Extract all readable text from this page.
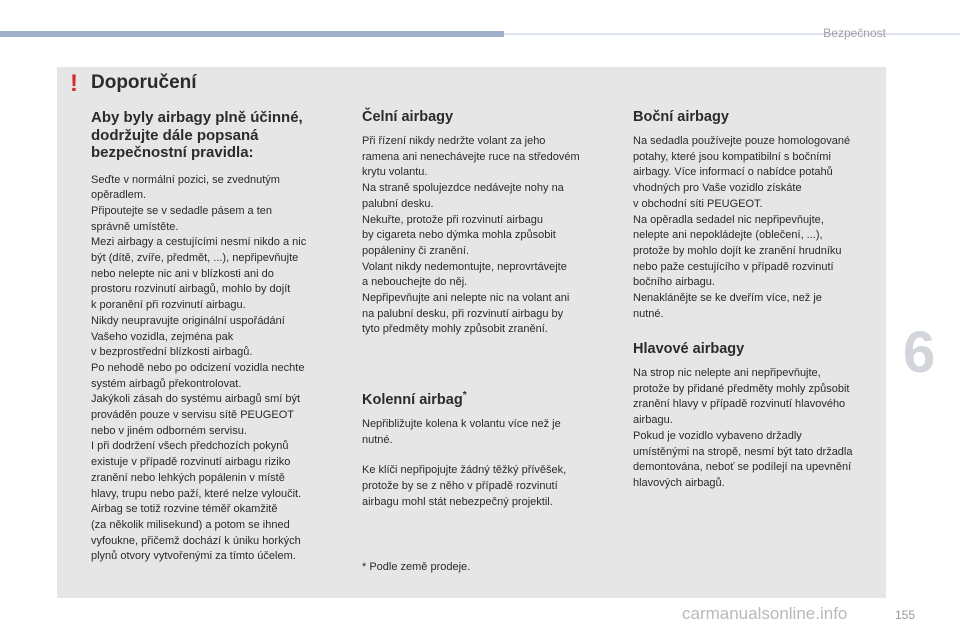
Bezpečnost
6
! Doporučení
Aby byly airbagy plně účinné,
dodržujte dále popsaná
bezpečnostní pravidla:

Seďte v normální pozici, se zvednutým
opěradlem.
Připoutejte se v sedadle pásem a ten
správně umístěte.
Mezi airbagy a cestujícími nesmí nikdo a nic
být (dítě, zvíře, předmět, ...), nepřipevňujte
nebo nelepte nic ani v blízkosti ani do
prostoru rozvinutí airbagů, mohlo by dojít
k poranění při rozvinutí airbagu.
Nikdy neupravujte originální uspořádání
Vašeho vozidla, zejména pak
v bezprostřední blízkosti airbagů.
Po nehodě nebo po odcizení vozidla nechte
systém airbagů překontrolovat.
Jakýkoli zásah do systému airbagů smí být
prováděn pouze v servisu sítě PEUGEOT
nebo v jiném odborném servisu.
I při dodržení všech předchozích pokynů
existuje v případě rozvinutí airbagu riziko
zranění nebo lehkých popálenin v místě
hlavy, trupu nebo paží, které nelze vyloučit.
Airbag se totiž rozvine téměř okamžitě
(za několik milisekund) a potom se ihned
vyfoukne, přičemž dochází k úniku horkých
plynů otvory vytvořenými za tímto účelem.

Čelní airbagy

Při řízení nikdy nedržte volant za jeho
ramena ani nenechávejte ruce na středovém
krytu volantu.
Na straně spolujezdce nedávejte nohy na
palubní desku.
Nekuřte, protože při rozvinutí airbagu
by cigareta nebo dýmka mohla způsobit
popáleniny či zranění.
Volant nikdy nedemontujte, neprovrtávejte
a nebouchejte do něj.
Nepřipevňujte ani nelepte nic na volant ani
na palubní desku, při rozvinutí airbagu by
tyto předměty mohly způsobit zranění.

Kolenní airbag*

Nepřibližujte kolena k volantu více než je
nutné.

Ke klíči nepřipojujte žádný těžký přívěšek,
protože by se z něho v případě rozvinutí
airbagu mohl stát nebezpečný projektil.

* Podle země prodeje.

Boční airbagy

Na sedadla používejte pouze homologované
potahy, které jsou kompatibilní s bočními
airbagy. Více informací o nabídce potahů
vhodných pro Vaše vozidlo získáte
v obchodní síti PEUGEOT.
Na opěradla sedadel nic nepřipevňujte,
nelepte ani nepokládejte (oblečení, ...),
protože by mohlo dojít ke zranění hrudníku
nebo paže cestujícího v případě rozvinutí
bočního airbagu.
Nenaklánějte se ke dveřím více, než je
nutné.

Hlavové airbagy

Na strop nic nelepte ani nepřipevňujte,
protože by přidané předměty mohly způsobit
zranění hlavy v případě rozvinutí hlavového
airbagu.
Pokud je vozidlo vybaveno držadly
umístěnými na stropě, nesmí být tato držadla
demontována, neboť se podílejí na upevnění
hlavových airbagů.

carmanualsonline.info	155
